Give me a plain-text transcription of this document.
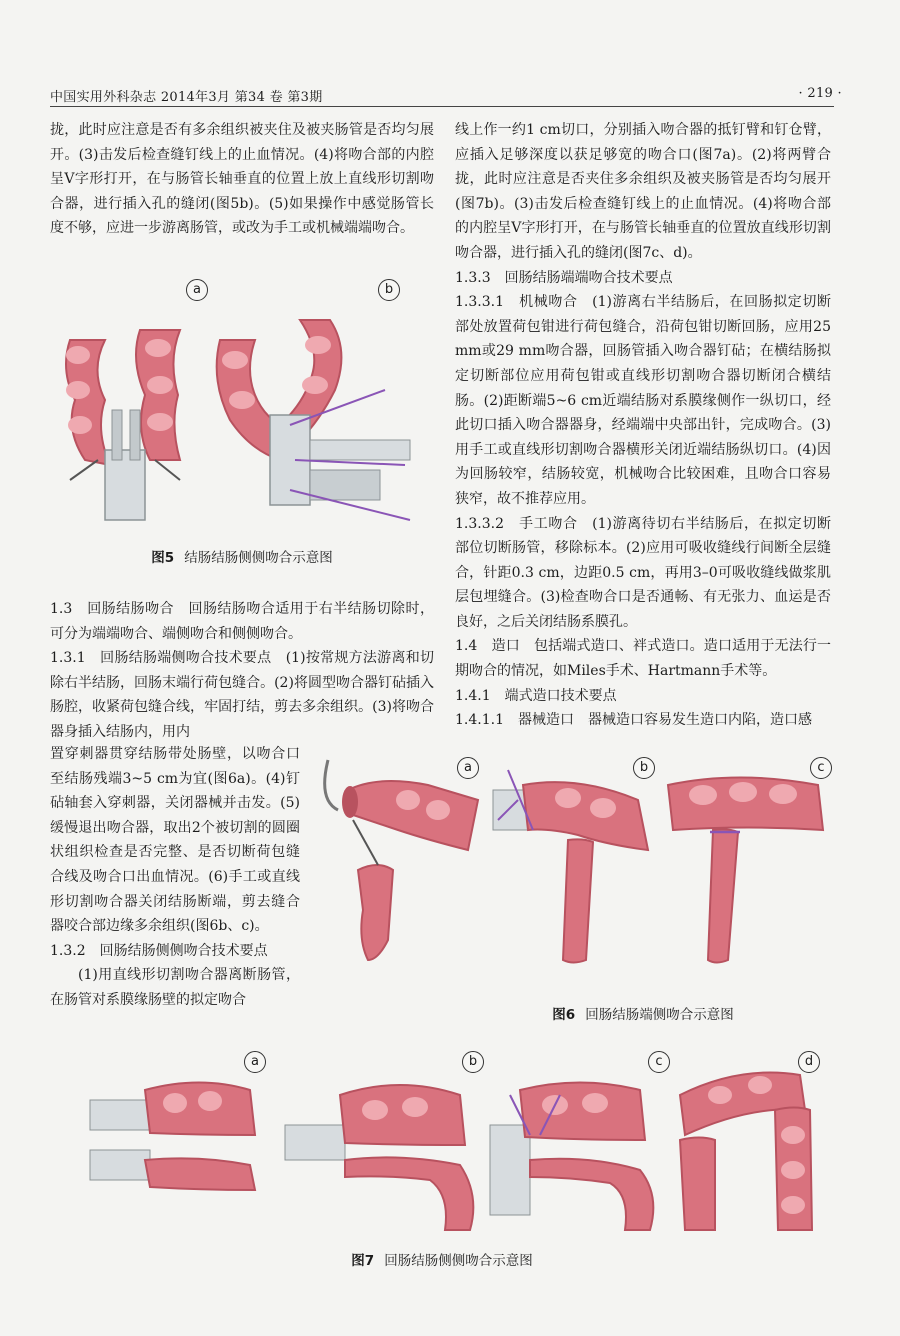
中国实用外科杂志 2014年3月 第34 卷 第3期	· 219 ·

拢，此时应注意是否有多余组织被夹住及被夹肠管是否均匀展开。(3)击发后检查缝钉线上的止血情况。(4)将吻合部的内腔呈V字形打开，在与肠管长轴垂直的位置上放上直线形切割吻合器，进行插入孔的缝闭(图5b)。(5)如果操作中感觉肠管长度不够，应进一步游离肠管，或改为手工或机械端端吻合。

a	b
图5 结肠结肠侧侧吻合示意图

1.3　回肠结肠吻合　回肠结肠吻合适用于右半结肠切除时，可分为端端吻合、端侧吻合和侧侧吻合。

1.3.1　回肠结肠端侧吻合技术要点　(1)按常规方法游离和切除右半结肠，回肠末端行荷包缝合。(2)将圆型吻合器钉砧插入肠腔，收紧荷包缝合线，牢固打结，剪去多余组织。(3)将吻合器身插入结肠内，用内

置穿刺器贯穿结肠带处肠壁，以吻合口至结肠残端3~5 cm为宜(图6a)。(4)钉砧轴套入穿刺器，关闭器械并击发。(5)缓慢退出吻合器，取出2个被切割的圆圈状组织检查是否完整、是否切断荷包缝合线及吻合口出血情况。(6)手工或直线形切割吻合器关闭结肠断端，剪去缝合器咬合部边缘多余组织(图6b、c)。

1.3.2　回肠结肠侧侧吻合技术要点

(1)用直线形切割吻合器离断肠管，在肠管对系膜缘肠壁的拟定吻合

线上作一约1 cm切口，分别插入吻合器的抵钉臂和钉仓臂，应插入足够深度以获足够宽的吻合口(图7a)。(2)将两臂合拢，此时应注意是否夹住多余组织及被夹肠管是否均匀展开(图7b)。(3)击发后检查缝钉线上的止血情况。(4)将吻合部的内腔呈V字形打开，在与肠管长轴垂直的位置放直线形切割吻合器，进行插入孔的缝闭(图7c、d)。

1.3.3　回肠结肠端端吻合技术要点

1.3.3.1　机械吻合　(1)游离右半结肠后，在回肠拟定切断部处放置荷包钳进行荷包缝合，沿荷包钳切断回肠，应用25 mm或29 mm吻合器，回肠管插入吻合器钉砧；在横结肠拟定切断部位应用荷包钳或直线形切割吻合器切断闭合横结肠。(2)距断端5~6 cm近端结肠对系膜缘侧作一纵切口，经此切口插入吻合器器身，经端端中央部出针，完成吻合。(3)用手工或直线形切割吻合器横形关闭近端结肠纵切口。(4)因为回肠较窄，结肠较宽，机械吻合比较困难，且吻合口容易狭窄，故不推荐应用。

1.3.3.2　手工吻合　(1)游离待切右半结肠后，在拟定切断部位切断肠管，移除标本。(2)应用可吸收缝线行间断全层缝合，针距0.3 cm，边距0.5 cm，再用3–0可吸收缝线做浆肌层包埋缝合。(3)检查吻合口是否通畅、有无张力、血运是否良好，之后关闭结肠系膜孔。

1.4　造口　包括端式造口、袢式造口。造口适用于无法行一期吻合的情况，如Miles手术、Hartmann手术等。

1.4.1　端式造口技术要点

1.4.1.1　器械造口　器械造口容易发生造口内陷，造口感

a	b	c
图6 回肠结肠端侧吻合示意图
a	b	c	d
图7 回肠结肠侧侧吻合示意图
